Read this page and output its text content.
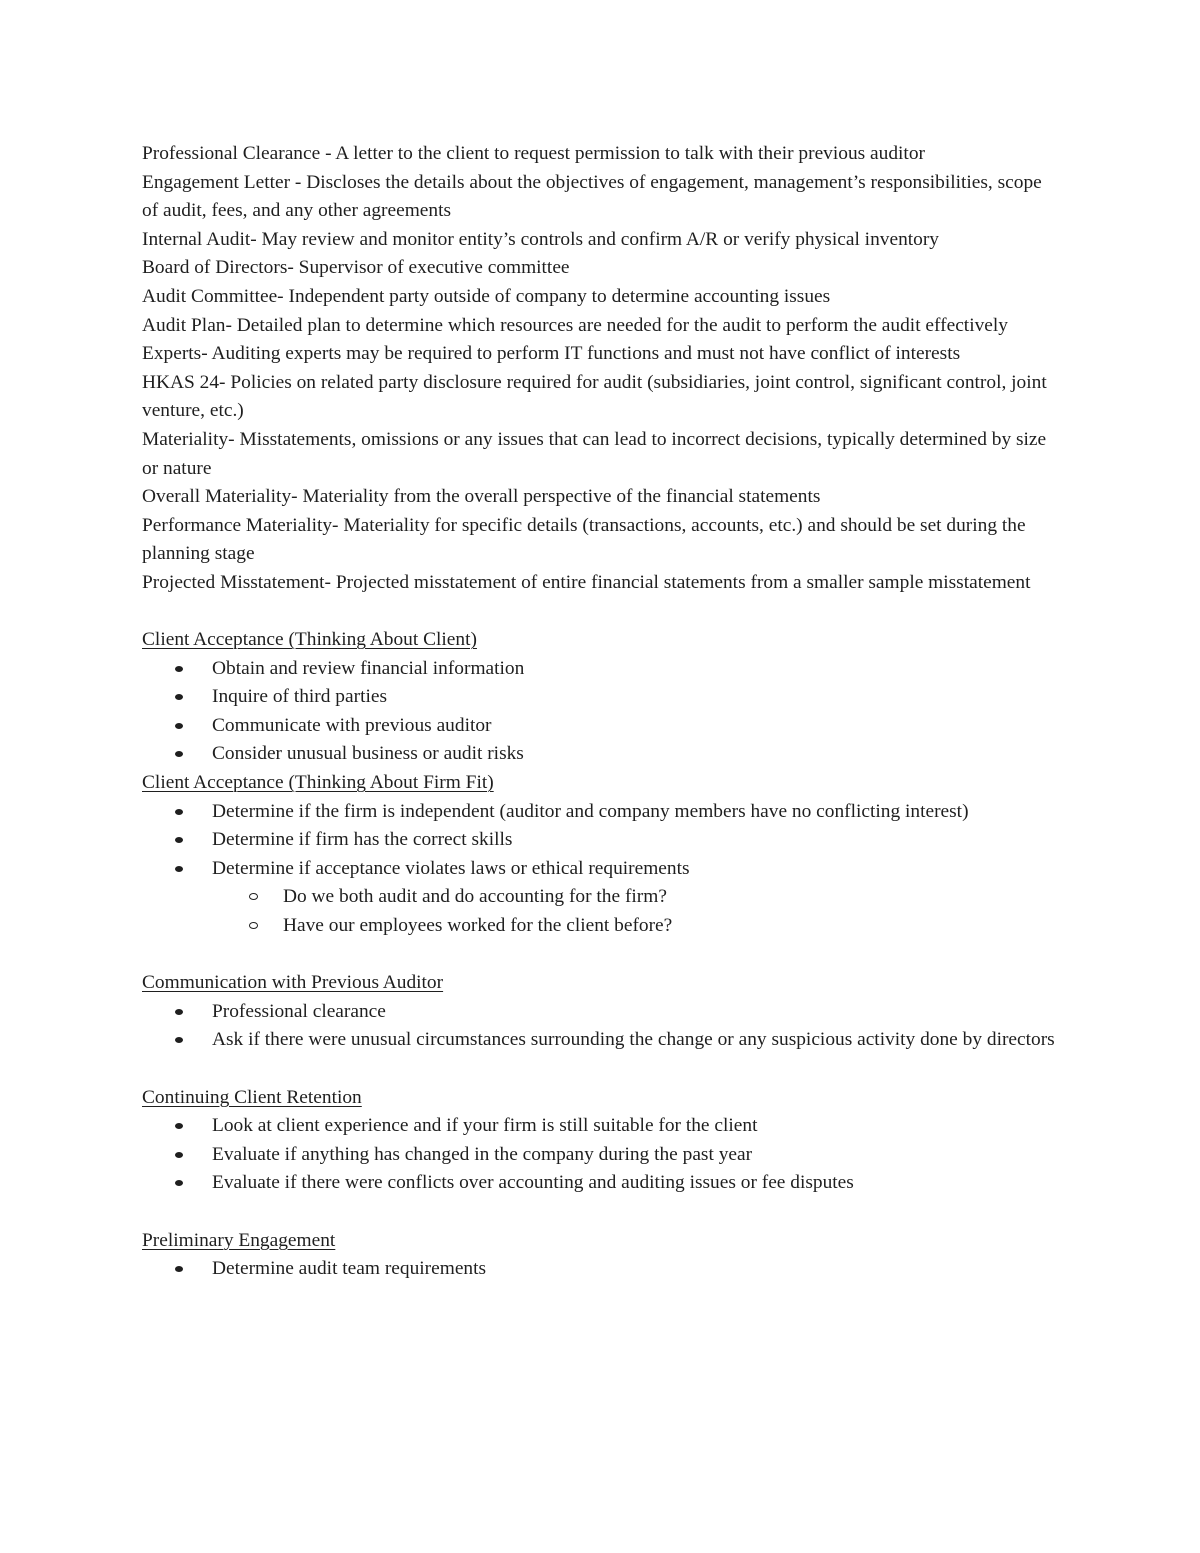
Professional Clearance - A letter to the client to request permission to talk with their previous auditor

Engagement Letter - Discloses the details about the objectives of engagement, management’s responsibilities, scope of audit, fees, and any other agreements

Internal Audit- May review and monitor entity’s controls and confirm A/R or verify physical inventory

Board of Directors- Supervisor of executive committee

Audit Committee- Independent party outside of company to determine accounting issues

Audit Plan- Detailed plan to determine which resources are needed for the audit to perform the audit effectively

Experts- Auditing experts may be required to perform IT functions and must not have conflict of interests

HKAS 24- Policies on related party disclosure required for audit (subsidiaries, joint control, significant control, joint venture, etc.)

Materiality- Misstatements, omissions or any issues that can lead to incorrect decisions, typically determined by size or nature

Overall Materiality- Materiality from the overall perspective of the financial statements

Performance Materiality- Materiality for specific details (transactions, accounts, etc.) and should be set during the planning stage

Projected Misstatement- Projected misstatement of entire financial statements from a smaller sample misstatement

Client Acceptance (Thinking About Client)

Obtain and review financial information
Inquire of third parties
Communicate with previous auditor
Consider unusual business or audit risks

Client Acceptance (Thinking About Firm Fit)

Determine if the firm is independent (auditor and company members have no conflicting interest)
Determine if firm has the correct skills
Determine if acceptance violates laws or ethical requirements
Do we both audit and do accounting for the firm?
Have our employees worked for the client before?

Communication with Previous Auditor

Professional clearance
Ask if there were unusual circumstances surrounding the change or any suspicious activity done by directors

Continuing Client Retention

Look at client experience and if your firm is still suitable for the client
Evaluate if anything has changed in the company during the past year
Evaluate if there were conflicts over accounting and auditing issues or fee disputes

Preliminary Engagement

Determine audit team requirements
